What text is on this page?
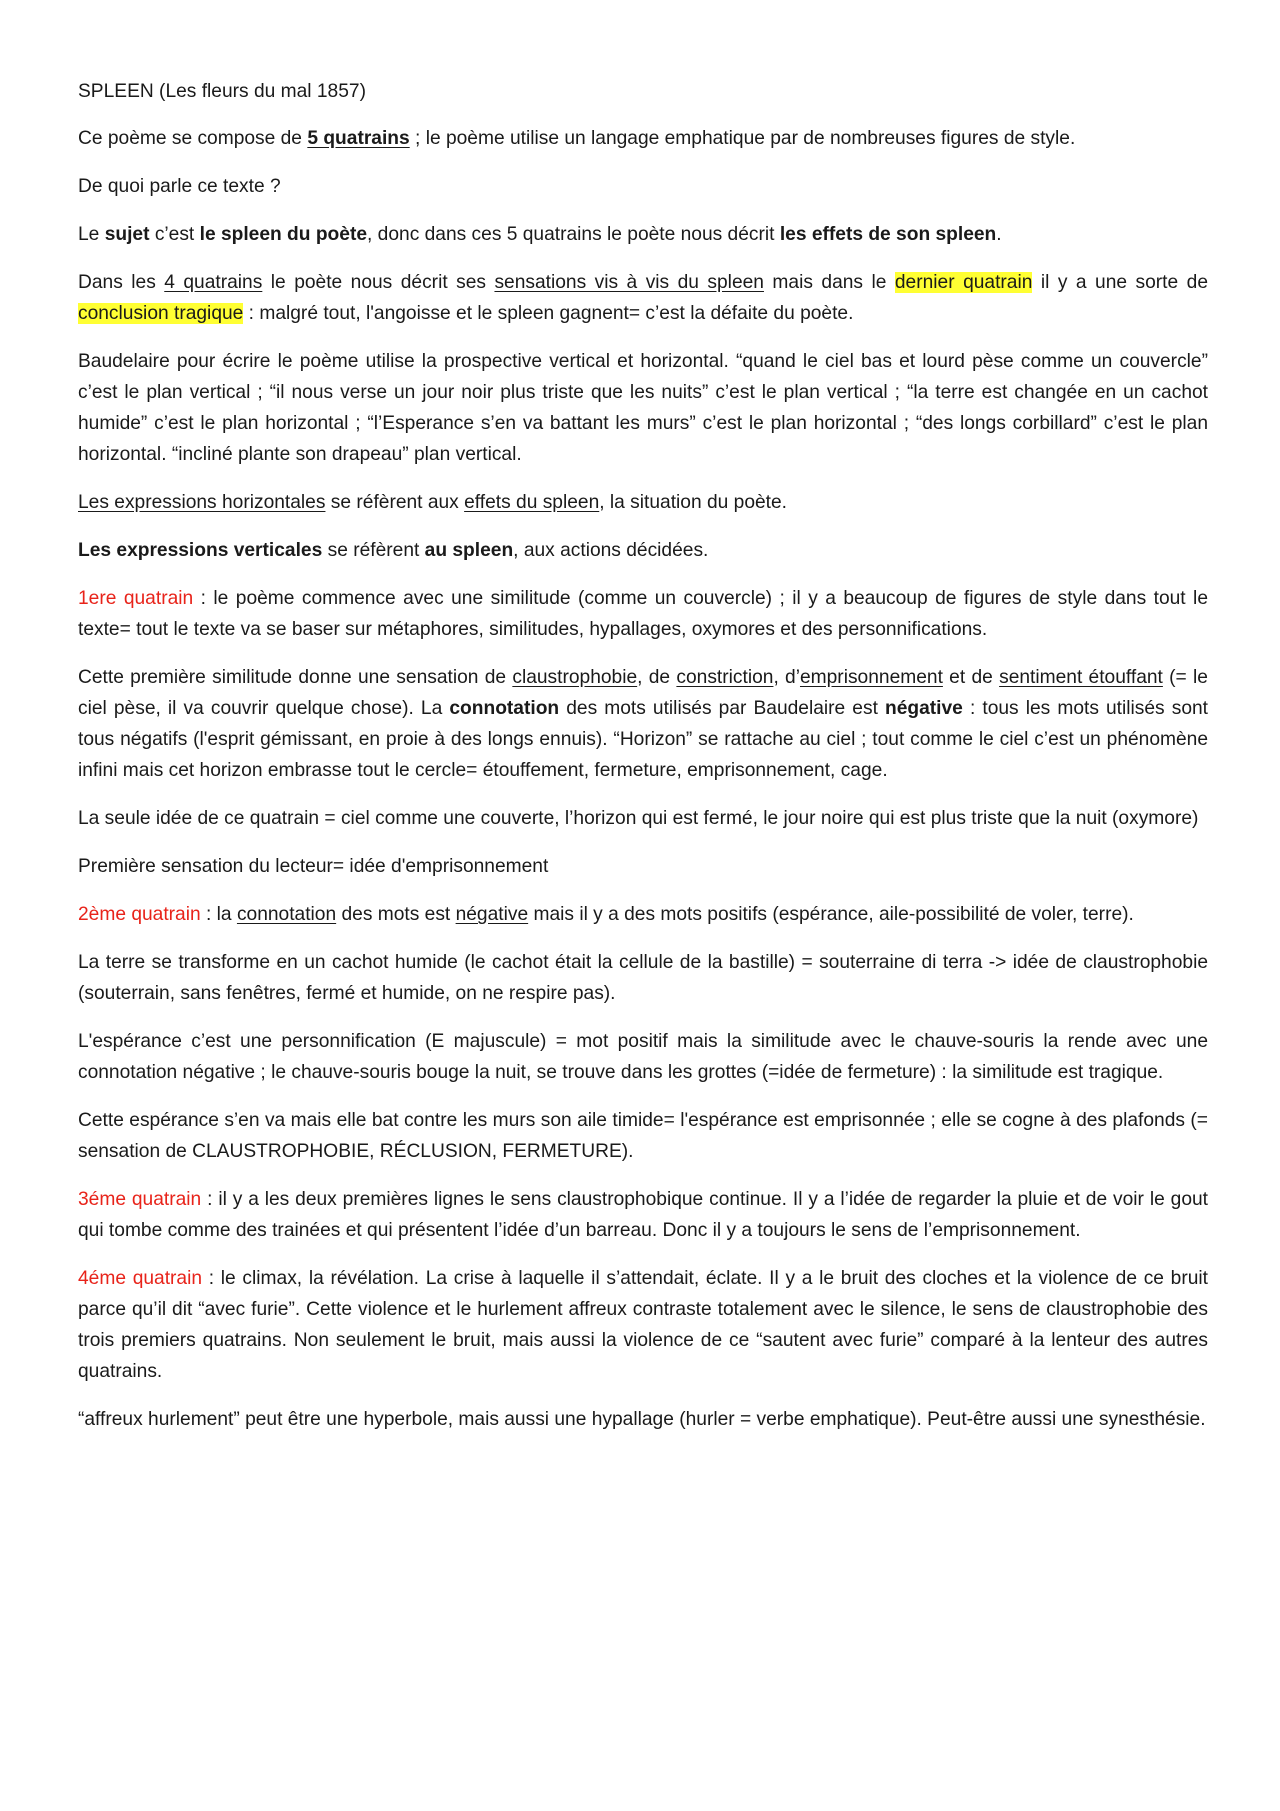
SPLEEN (Les fleurs du mal 1857)

Ce poème se compose de 5 quatrains ; le poème utilise un langage emphatique par de nombreuses figures de style.

De quoi parle ce texte ?

Le sujet c’est le spleen du poète, donc dans ces 5 quatrains le poète nous décrit les effets de son spleen.

Dans les 4 quatrains le poète nous décrit ses sensations vis à vis du spleen mais dans le dernier quatrain il y a une sorte de conclusion tragique : malgré tout, l'angoisse et le spleen gagnent= c’est la défaite du poète.

Baudelaire pour écrire le poème utilise la prospective vertical et horizontal. “quand le ciel bas et lourd pèse comme un couvercle” c’est le plan vertical ; “il nous verse un jour noir plus triste que les nuits” c’est le plan vertical ; “la terre est changée en un cachot humide” c’est le plan horizontal ; “l’Esperance s’en va battant les murs” c’est le plan horizontal ; “des longs corbillard” c’est le plan horizontal. “incliné plante son drapeau” plan vertical.

Les expressions horizontales se réfèrent aux effets du spleen, la situation du poète.

Les expressions verticales se réfèrent au spleen, aux actions décidées.

1ere quatrain : le poème commence avec une similitude (comme un couvercle) ; il y a beaucoup de figures de style dans tout le texte= tout le texte va se baser sur métaphores, similitudes, hypallages, oxymores et des personnifications.

Cette première similitude donne une sensation de claustrophobie, de constriction, d’emprisonnement et de sentiment étouffant (= le ciel pèse, il va couvrir quelque chose). La connotation des mots utilisés par Baudelaire est négative : tous les mots utilisés sont tous négatifs (l'esprit gémissant, en proie à des longs ennuis). “Horizon” se rattache au ciel ; tout comme le ciel c’est un phénomène infini mais cet horizon embrasse tout le cercle= étouffement, fermeture, emprisonnement, cage.

La seule idée de ce quatrain = ciel comme une couverte, l’horizon qui est fermé, le jour noire qui est plus triste que la nuit (oxymore)

Première sensation du lecteur= idée d'emprisonnement

2ème quatrain : la connotation des mots est négative mais il y a des mots positifs (espérance, aile-possibilité de voler, terre).

La terre se transforme en un cachot humide (le cachot était la cellule de la bastille) = souterraine di terra -> idée de claustrophobie (souterrain, sans fenêtres, fermé et humide, on ne respire pas).

L'espérance c’est une personnification (E majuscule) = mot positif mais la similitude avec le chauve-souris la rende avec une connotation négative ; le chauve-souris bouge la nuit, se trouve dans les grottes (=idée de fermeture) : la similitude est tragique.

Cette espérance s’en va mais elle bat contre les murs son aile timide= l'espérance est emprisonnée ; elle se cogne à des plafonds (= sensation de CLAUSTROPHOBIE, RÉCLUSION, FERMETURE).

3éme quatrain : il y a les deux premières lignes le sens claustrophobique continue. Il y a l’idée de regarder la pluie et de voir le gout qui tombe comme des trainées et qui présentent l’idée d’un barreau. Donc il y a toujours le sens de l’emprisonnement.

4éme quatrain : le climax, la révélation. La crise à laquelle il s’attendait, éclate. Il y a le bruit des cloches et la violence de ce bruit parce qu’il dit “avec furie”. Cette violence et le hurlement affreux contraste totalement avec le silence, le sens de claustrophobie des trois premiers quatrains. Non seulement le bruit, mais aussi la violence de ce “sautent avec furie” comparé à la lenteur des autres quatrains.

“affreux hurlement” peut être une hyperbole, mais aussi une hypallage (hurler = verbe emphatique). Peut-être aussi une synesthésie.
